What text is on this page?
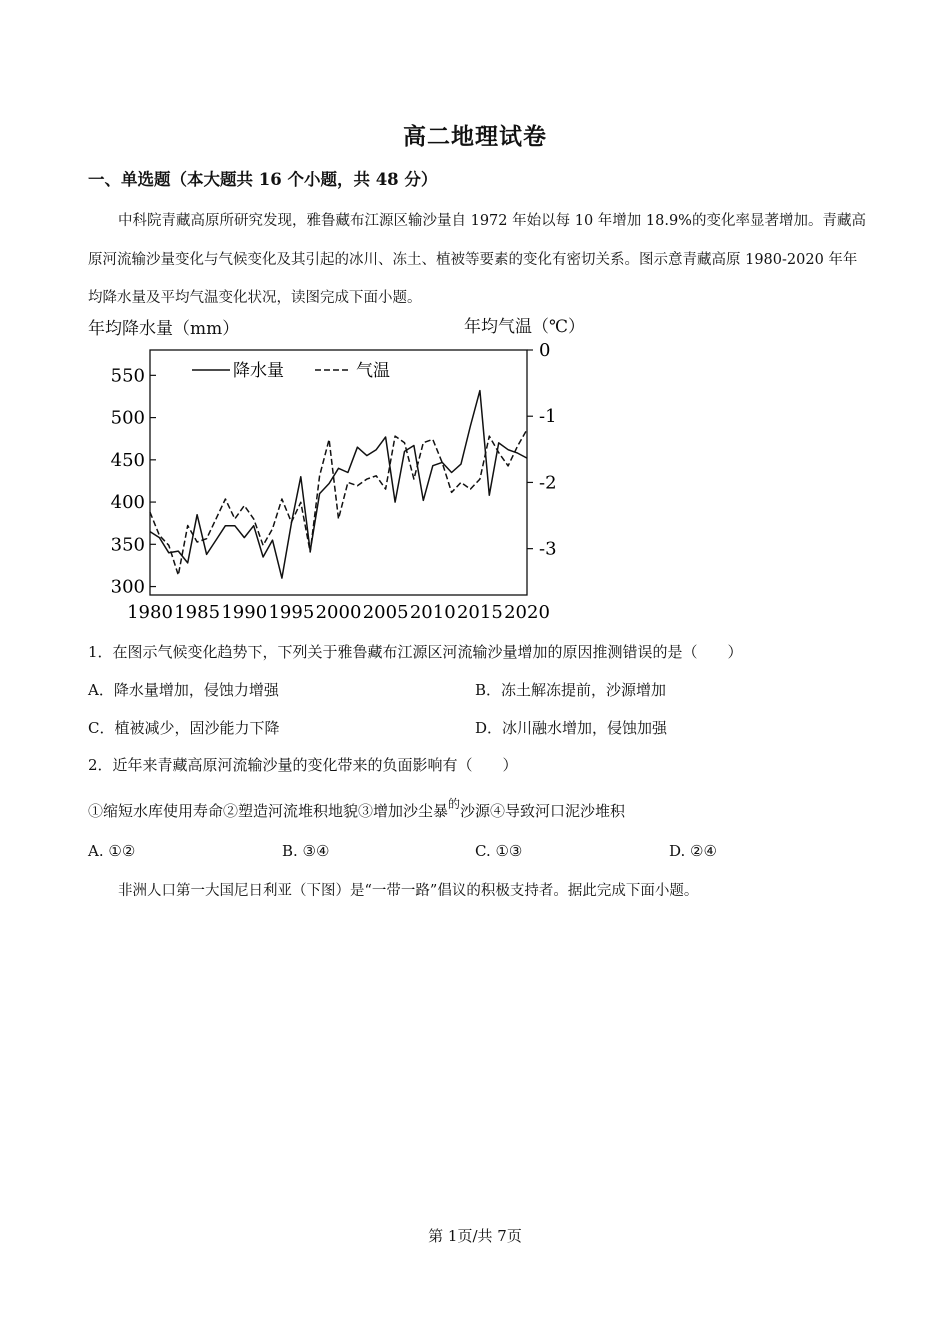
高二地理试卷
一、单选题（本大题共 16 个小题，共 48 分）
中科院青藏高原所研究发现，雅鲁藏布江源区输沙量自 1972 年始以每 10 年增加 18.9%的变化率显著增加。青藏高原河流输沙量变化与气候变化及其引起的冰川、冻土、植被等要素的变化有密切关系。图示意青藏高原 1980-2020 年年均降水量及平均气温变化状况，读图完成下面小题。
年均降水量（mm）	年均气温（℃）
300
350
400
450
500
550
0
-1
-2
-3
1980 1985 1990 1995 2000 2005 2010 2015 2020
降水量	气温
1．在图示气候变化趋势下，下列关于雅鲁藏布江源区河流输沙量增加的原因推测错误的是（　　）
A．降水量增加，侵蚀力增强	B．冻土解冻提前，沙源增加
C．植被减少，固沙能力下降	D．冰川融水增加，侵蚀加强
2．近年来青藏高原河流输沙量的变化带来的负面影响有（　　）
①缩短水库使用寿命②塑造河流堆积地貌③增加沙尘暴$^的$沙源④导致河口泥沙堆积
A. ①②	B. ③④	C. ①③	D. ②④
非洲人口第一大国尼日利亚（下图）是“一带一路”倡议的积极支持者。据此完成下面小题。
第 1页/共 7页
